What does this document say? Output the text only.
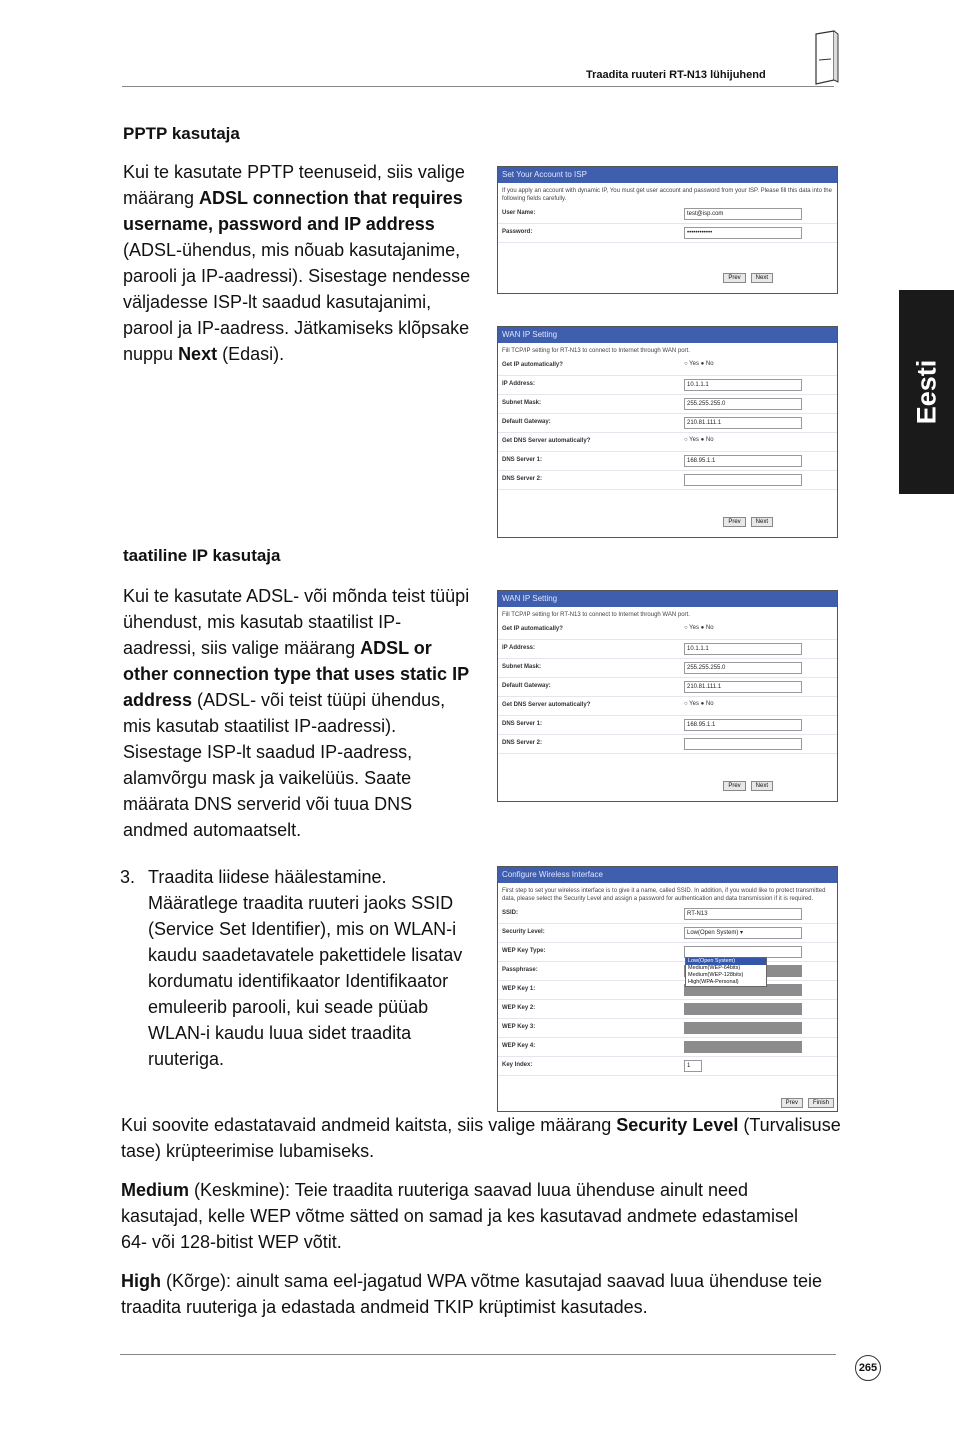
Traadita ruuteri RT-N13 lühijuhend
Eesti
PPTP kasutaja
Kui te kasutate PPTP teenuseid, siis valige määrang ADSL connection that requires username, password and IP address (ADSL-ühendus, mis nõuab kasutajanime, parooli ja IP-aadressi). Sisestage nendesse väljadesse ISP-lt saadud kasutajanimi, parool ja IP-aadress. Jätkamiseks klõpsake nuppu Next (Edasi).
Set Your Account to ISP
If you apply an account with dynamic IP, You must get user account and password from your ISP. Please fill this data into the following fields carefully.
User Name:	test@isp.com
Password:	••••••••••••
Prev	Next
WAN IP Setting
Fill TCP/IP setting for RT-N13 to connect to Internet through WAN port.
Get IP automatically?	○ Yes ● No
IP Address:	10.1.1.1
Subnet Mask:	255.255.255.0
Default Gateway:	210.81.111.1
Get DNS Server automatically?	○ Yes ● No
DNS Server 1:	168.95.1.1
DNS Server 2:
Prev	Next
taatiline IP kasutaja
Kui te kasutate ADSL- või mõnda teist tüüpi ühendust, mis kasutab staatilist IP-aadressi, siis valige määrang ADSL or other connection type that uses static IP address (ADSL- või teist tüüpi ühendus, mis kasutab staatilist IP-aadressi). Sisestage ISP-lt saadud IP-aadress, alamvõrgu mask ja vaikelüüs. Saate määrata DNS serverid või tuua DNS andmed automaatselt.
WAN IP Setting
Fill TCP/IP setting for RT-N13 to connect to Internet through WAN port.
Get IP automatically?	○ Yes ● No
IP Address:	10.1.1.1
Subnet Mask:	255.255.255.0
Default Gateway:	210.81.111.1
Get DNS Server automatically?	○ Yes ● No
DNS Server 1:	168.95.1.1
DNS Server 2:
Prev	Next
3. Traadita liidese häälestamine. Määratlege traadita ruuteri jaoks SSID (Service Set Identifier), mis on WLAN-i kaudu saadetavatele pakettidele lisatav kordumatu identifikaator Identifikaator emuleerib parooli, kui seade püüab WLAN-i kaudu luua sidet traadita ruuteriga.
Configure Wireless Interface
First step to set your wireless interface is to give it a name, called SSID. In addition, if you would like to protect transmitted data, please select the Security Level and assign a password for authentication and data transmission if it is required.
SSID:	RT-N13
Security Level:	Low(Open System) ▾
WEP Key Type:
Passphrase:
WEP Key 1:
WEP Key 2:
WEP Key 3:
WEP Key 4:
Key Index:	1
Low(Open System)
Medium(WEP-64bits)
Medium(WEP-128bits)
High(WPA-Personal)
Prev	Finish
Kui soovite edastatavaid andmeid kaitsta, siis valige määrang Security Level (Turvalisuse tase) krüpteerimise lubamiseks.
Medium (Keskmine): Teie traadita ruuteriga saavad luua ühenduse ainult need kasutajad, kelle WEP võtme sätted on samad ja kes kasutavad andmete edastamisel 64- või 128-bitist WEP võtit.
High (Kõrge): ainult sama eel-jagatud WPA võtme kasutajad saavad luua ühenduse teie traadita ruuteriga ja edastada andmeid TKIP krüptimist kasutades.
265
